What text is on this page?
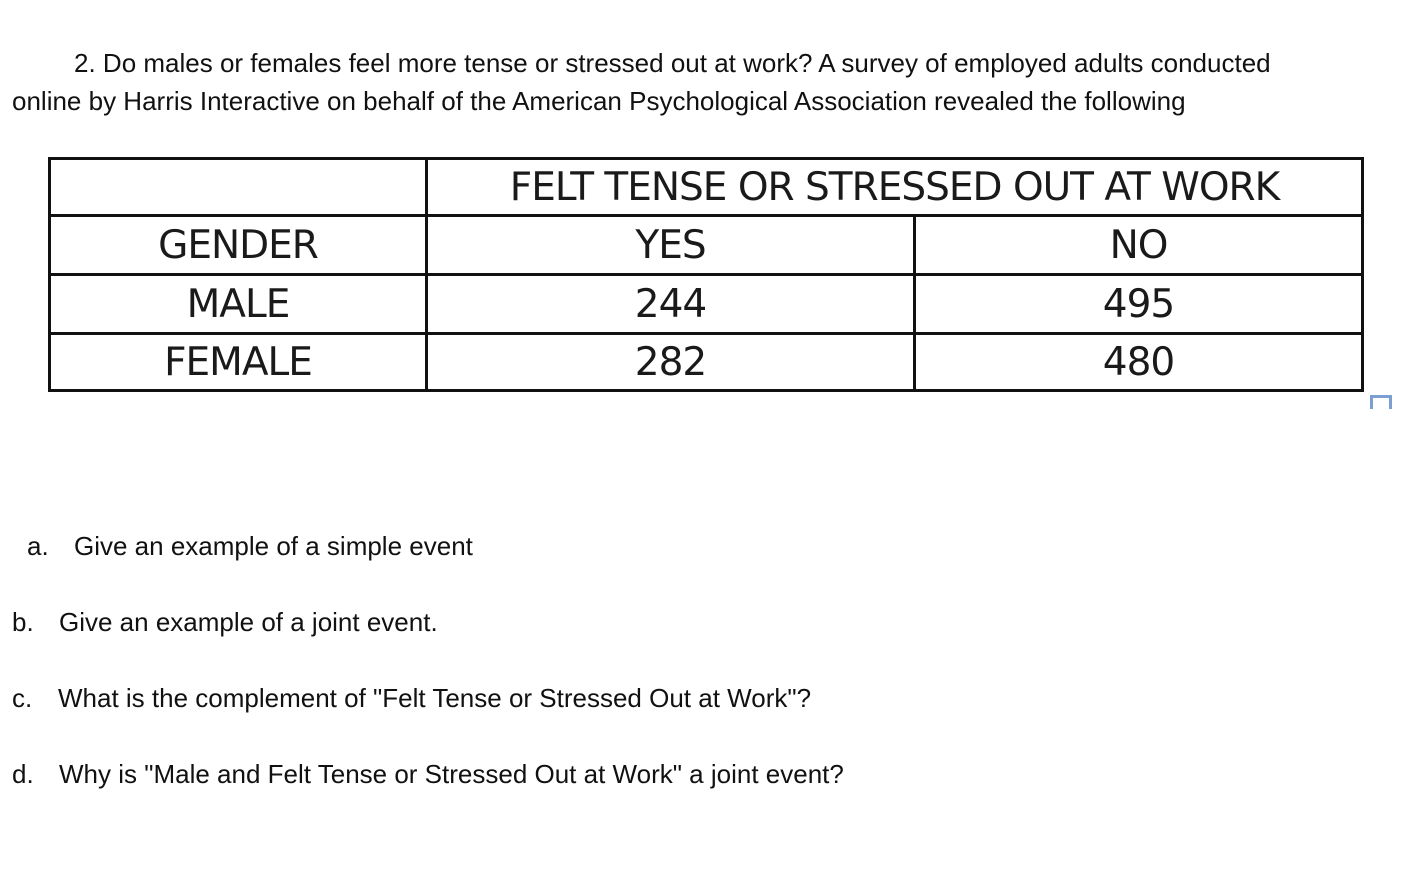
2. Do males or females feel more tense or stressed out at work? A survey of employed adults conducted
online by Harris Interactive on behalf of the American Psychological Association revealed the following

	FELT TENSE OR STRESSED OUT AT WORK	
GENDER	YES	NO
MALE	244	495
FEMALE	282	480
a. Give an example of a simple event
b. Give an example of a joint event.
c. What is the complement of "Felt Tense or Stressed Out at Work"?
d. Why is "Male and Felt Tense or Stressed Out at Work" a joint event?
